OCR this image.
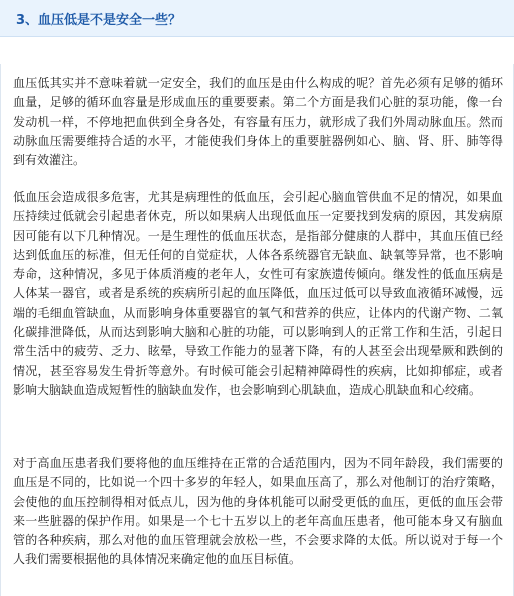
3、血压低是不是安全一些？

血压低其实并不意味着就一定安全，我们的血压是由什么构成的呢？首先必须有足够的循环血量，足够的循环血容量是形成血压的重要要素。第二个方面是我们心脏的泵功能，像一台发动机一样，不停地把血供到全身各处，有容量有压力，就形成了我们外周动脉血压。然而动脉血压需要维持合适的水平，才能使我们身体上的重要脏器例如心、脑、肾、肝、肺等得到有效灌注。

低血压会造成很多危害，尤其是病理性的低血压，会引起心脑血管供血不足的情况，如果血压持续过低就会引起患者休克，所以如果病人出现低血压一定要找到发病的原因，其发病原因可能有以下几种情况。一是生理性的低血压状态，是指部分健康的人群中，其血压值已经达到低血压的标准，但无任何的自觉症状，人体各系统器官无缺血、缺氧等异常，也不影响寿命，这种情况，多见于体质消瘦的老年人，女性可有家族遗传倾向。继发性的低血压病是人体某一器官，或者是系统的疾病所引起的血压降低，血压过低可以导致血液循环减慢，远端的毛细血管缺血，从而影响身体重要器官的氧气和营养的供应，让体内的代谢产物、二氧化碳排泄降低，从而达到影响大脑和心脏的功能，可以影响到人的正常工作和生活，引起日常生活中的疲劳、乏力、眩晕，导致工作能力的显著下降，有的人甚至会出现晕厥和跌倒的情况，甚至容易发生骨折等意外。有时候可能会引起精神障碍性的疾病，比如抑郁症，或者影响大脑缺血造成短暂性的脑缺血发作，也会影响到心肌缺血，造成心肌缺血和心绞痛。

对于高血压患者我们要将他的血压维持在正常的合适范围内，因为不同年龄段，我们需要的血压是不同的，比如说一个四十多岁的年轻人，如果血压高了，那么对他制订的治疗策略，会使他的血压控制得相对低点儿，因为他的身体机能可以耐受更低的血压，更低的血压会带来一些脏器的保护作用。如果是一个七十五岁以上的老年高血压患者，他可能本身又有脑血管的各种疾病，那么对他的血压管理就会放松一些，不会要求降的太低。所以说对于每一个人我们需要根据他的具体情况来确定他的血压目标值。
